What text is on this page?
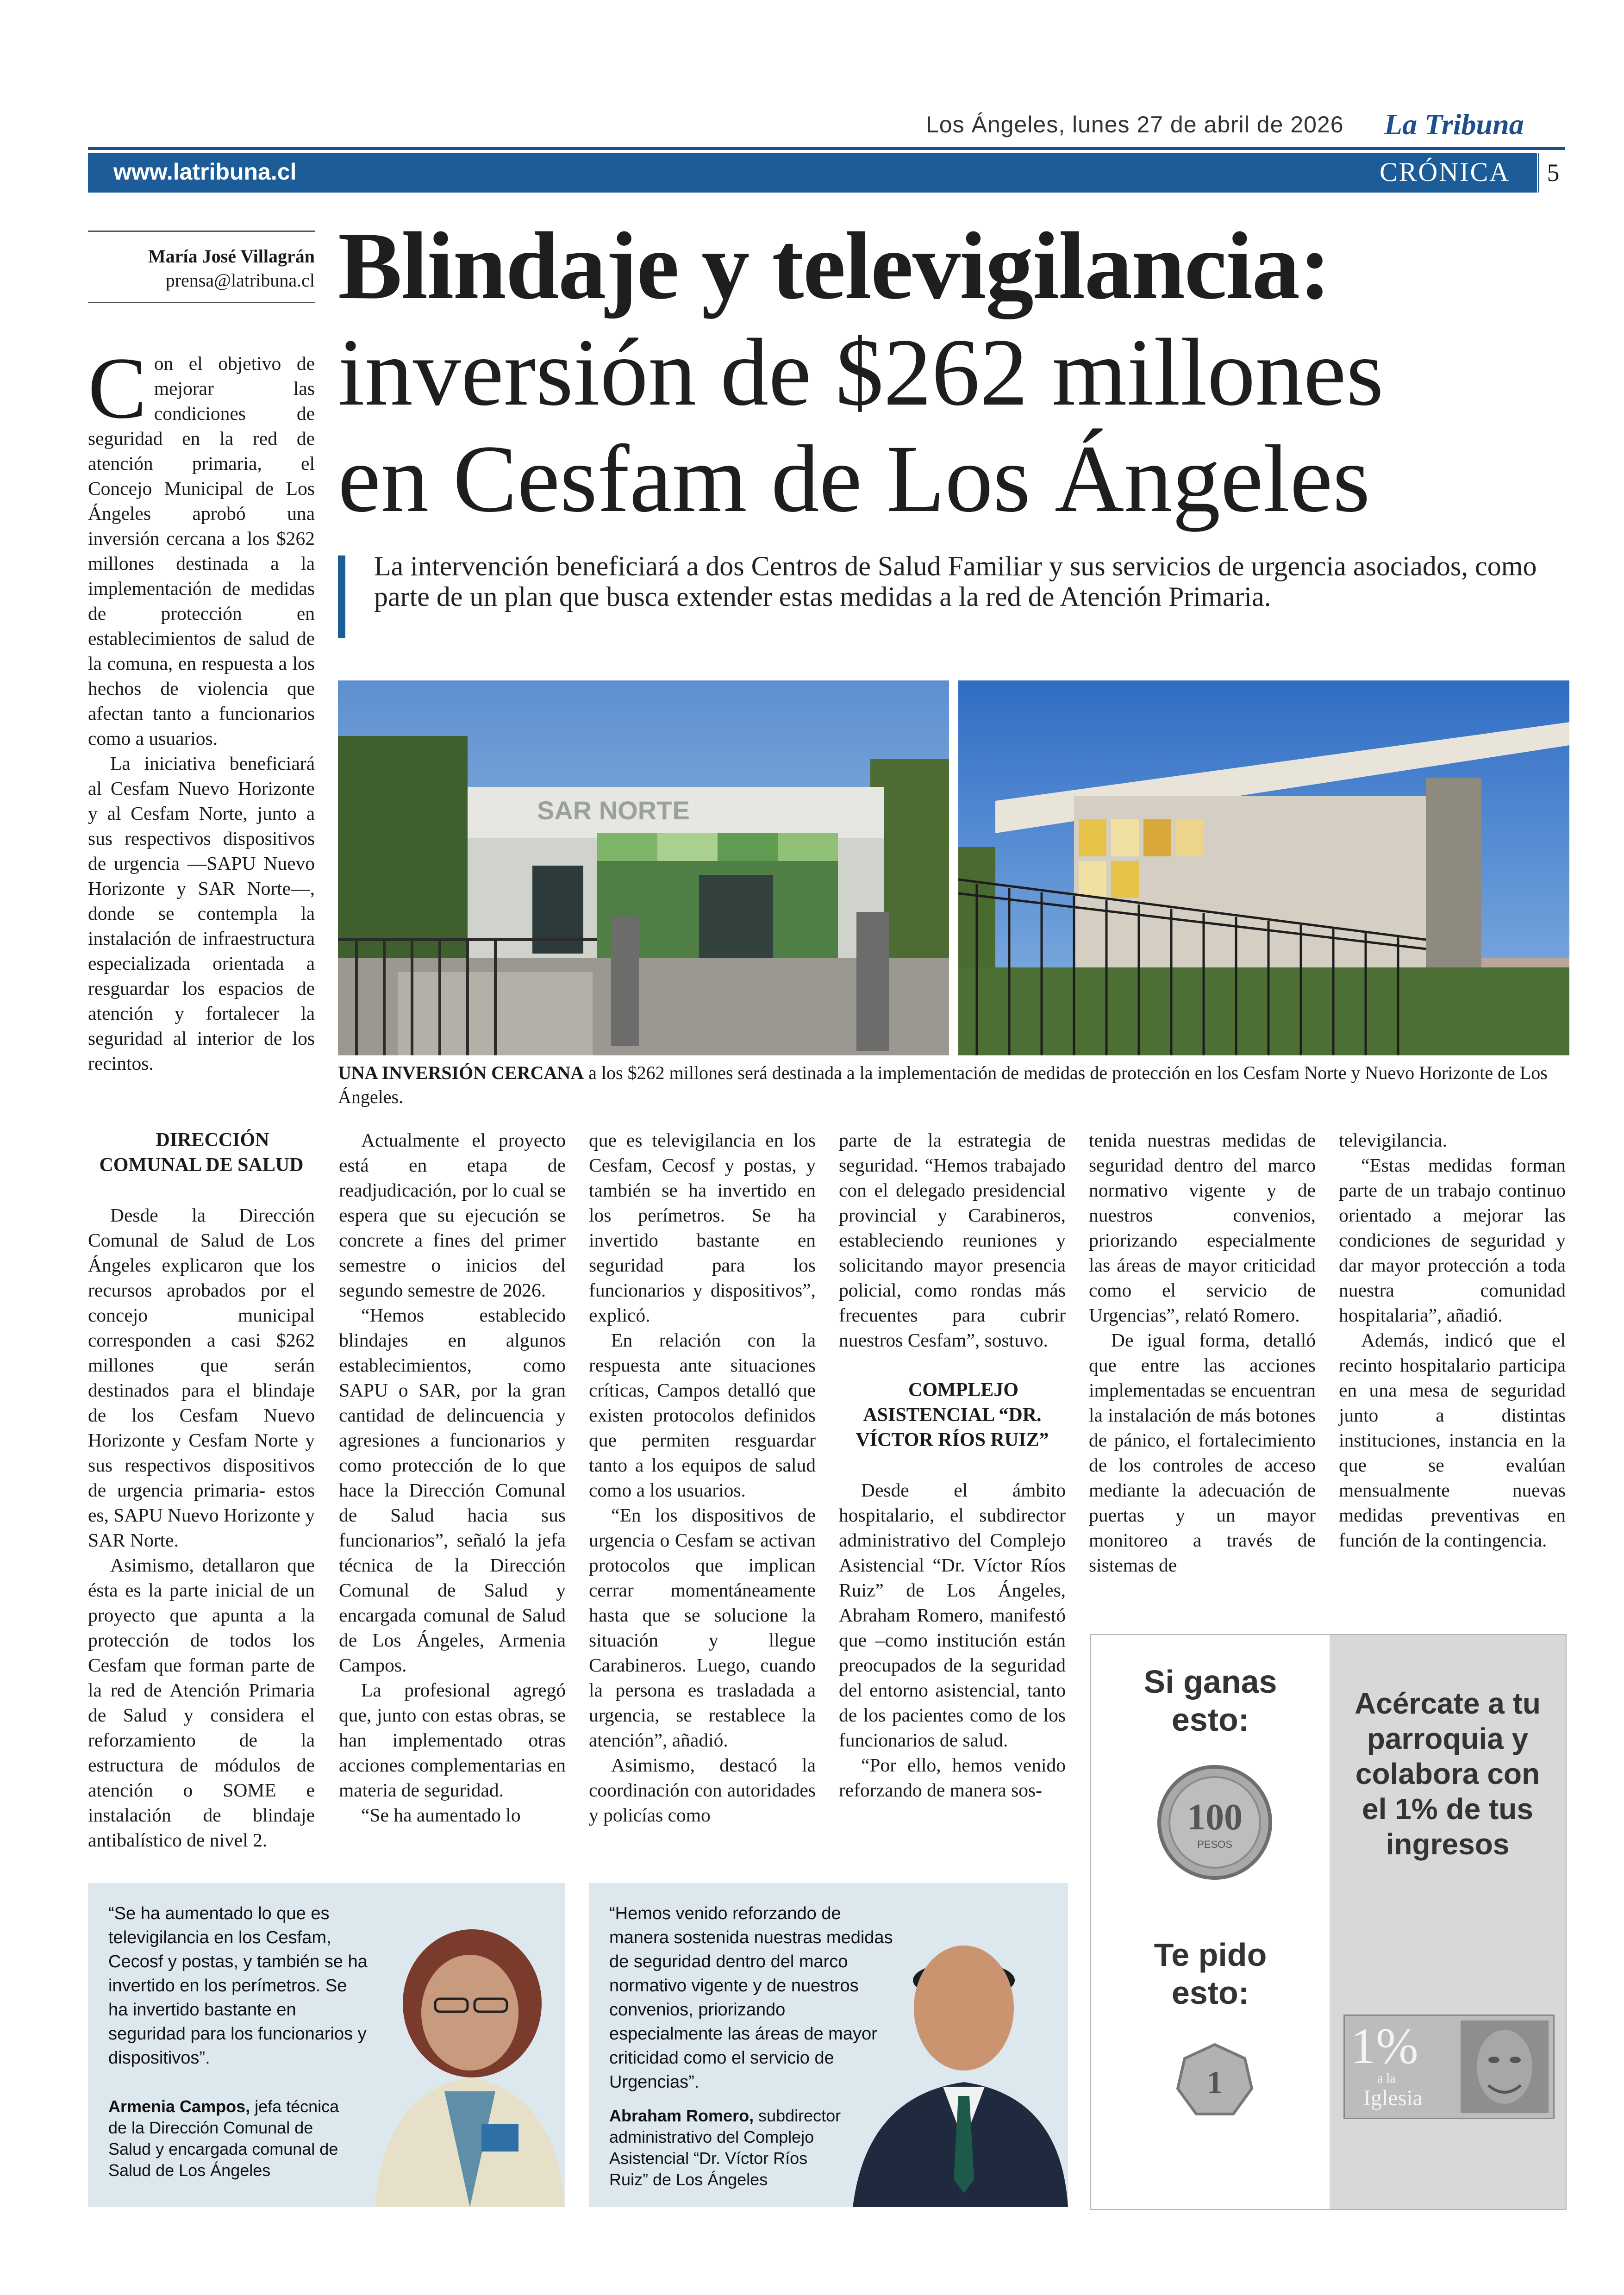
Los Ángeles, lunes 27 de abril de 2026 La Tribuna
www.latribuna.cl	CRÓNICA	5
María José Villagrán
prensa@latribuna.cl Blindaje y televigilancia:
inversión de $262 millones
en Cesfam de Los Ángeles
La intervención beneficiará a dos Centros de Salud Familiar y sus servicios de urgencia asociados, como parte de un plan que busca extender estas medidas a la red de Atención Primaria.

Con el objetivo de mejorar las condiciones de seguridad en la red de atención primaria, el Concejo Municipal de Los Ángeles aprobó una inversión cercana a los $262 millones destinada a la implementación de medidas de protección en establecimientos de salud de la comuna, en respuesta a los hechos de violencia que afectan tanto a funcionarios como a usuarios.

La iniciativa beneficiará al Cesfam Nuevo Horizonte y al Cesfam Norte, junto a sus respectivos dispositivos de urgencia —SAPU Nuevo Horizonte y SAR Norte—, donde se contempla la instalación de infraestructura especializada orientada a resguardar los espacios de atención y fortalecer la seguridad al interior de los recintos.

SAR NORTE
UNA INVERSIÓN CERCANA a los $262 millones será destinada a la implementación de medidas de protección en los Cesfam Norte y Nuevo Horizonte de Los Ángeles.

DIRECCIÓN COMUNAL DE SALUD

Desde la Dirección Comunal de Salud de Los Ángeles explicaron que los recursos aprobados por el concejo municipal corresponden a casi $262 millones que serán destinados para el blindaje de los Cesfam Nuevo Horizonte y Cesfam Norte y sus respectivos dispositivos de urgencia primaria- estos es, SAPU Nuevo Horizonte y SAR Norte.

Asimismo, detallaron que ésta es la parte inicial de un proyecto que apunta a la protección de todos los Cesfam que forman parte de la red de Atención Primaria de Salud y considera el reforzamiento de la estructura de módulos de atención o SOME e instalación de blindaje antibalístico de nivel 2.

Actualmente el proyecto está en etapa de readjudicación, por lo cual se espera que su ejecución se concrete a fines del primer semestre o inicios del segundo semestre de 2026.

“Hemos establecido blindajes en algunos establecimientos, como SAPU o SAR, por la gran cantidad de delincuencia y agresiones a funcionarios y como protección de lo que hace la Dirección Comunal de Salud hacia sus funcionarios”, señaló la jefa técnica de la Dirección Comunal de Salud y encargada comunal de Salud de Los Ángeles, Armenia Campos.

La profesional agregó que, junto con estas obras, se han implementado otras acciones complementarias en materia de seguridad.

“Se ha aumentado lo

que es televigilancia en los Cesfam, Cecosf y postas, y también se ha invertido en los perímetros. Se ha invertido bastante en seguridad para los funcionarios y dispositivos”, explicó.

En relación con la respuesta ante situaciones críticas, Campos detalló que existen protocolos definidos que permiten resguardar tanto a los equipos de salud como a los usuarios.

“En los dispositivos de urgencia o Cesfam se activan protocolos que implican cerrar momentáneamente hasta que se solucione la situación y llegue Carabineros. Luego, cuando la persona es trasladada a urgencia, se restablece la atención”, añadió.

Asimismo, destacó la coordinación con autoridades y policías como

parte de la estrategia de seguridad. “Hemos trabajado con el delegado presidencial provincial y Carabineros, estableciendo reuniones y solicitando mayor presencia policial, como rondas más frecuentes para cubrir nuestros Cesfam”, sostuvo.

COMPLEJO ASISTENCIAL “DR. VÍCTOR RÍOS RUIZ”

Desde el ámbito hospitalario, el subdirector administrativo del Complejo Asistencial “Dr. Víctor Ríos Ruiz” de Los Ángeles, Abraham Romero, manifestó que –como institución están preocupados de la seguridad del entorno asistencial, tanto de los pacientes como de los funcionarios de salud.

“Por ello, hemos venido reforzando de manera sos-

tenida nuestras medidas de seguridad dentro del marco normativo vigente y de nuestros convenios, priorizando especialmente las áreas de mayor criticidad como el servicio de Urgencias”, relató Romero.

De igual forma, detalló que entre las acciones implementadas se encuentran la instalación de más botones de pánico, el fortalecimiento de los controles de acceso mediante la adecuación de puertas y un mayor monitoreo a través de sistemas de

televigilancia.

“Estas medidas forman parte de un trabajo continuo orientado a mejorar las condiciones de seguridad y dar mayor protección a toda nuestra comunidad hospitalaria”, añadió.

Además, indicó que el recinto hospitalario participa en una mesa de seguridad junto a distintas instituciones, instancia en la que se evalúan mensualmente nuevas medidas preventivas en función de la contingencia.

“Se ha aumentado lo que es televigilancia en los Cesfam, Cecosf y postas, y también se ha invertido en los perímetros. Se ha invertido bastante en seguridad para los funcionarios y dispositivos”.
Armenia Campos, jefa técnica de la Dirección Comunal de Salud y encargada comunal de Salud de Los Ángeles
“Hemos venido reforzando de manera sostenida nuestras medidas de seguridad dentro del marco normativo vigente y de nuestros convenios, priorizando especialmente las áreas de mayor criticidad como el servicio de Urgencias”.
Abraham Romero, subdirector administrativo del Complejo Asistencial “Dr. Víctor Ríos Ruiz” de Los Ángeles
Si ganas
esto:
100
PESOS
Te pido
esto:
1
Acércate a tu
parroquia y
colabora con
el 1% de tus
ingresos
1%
a la
Iglesia
